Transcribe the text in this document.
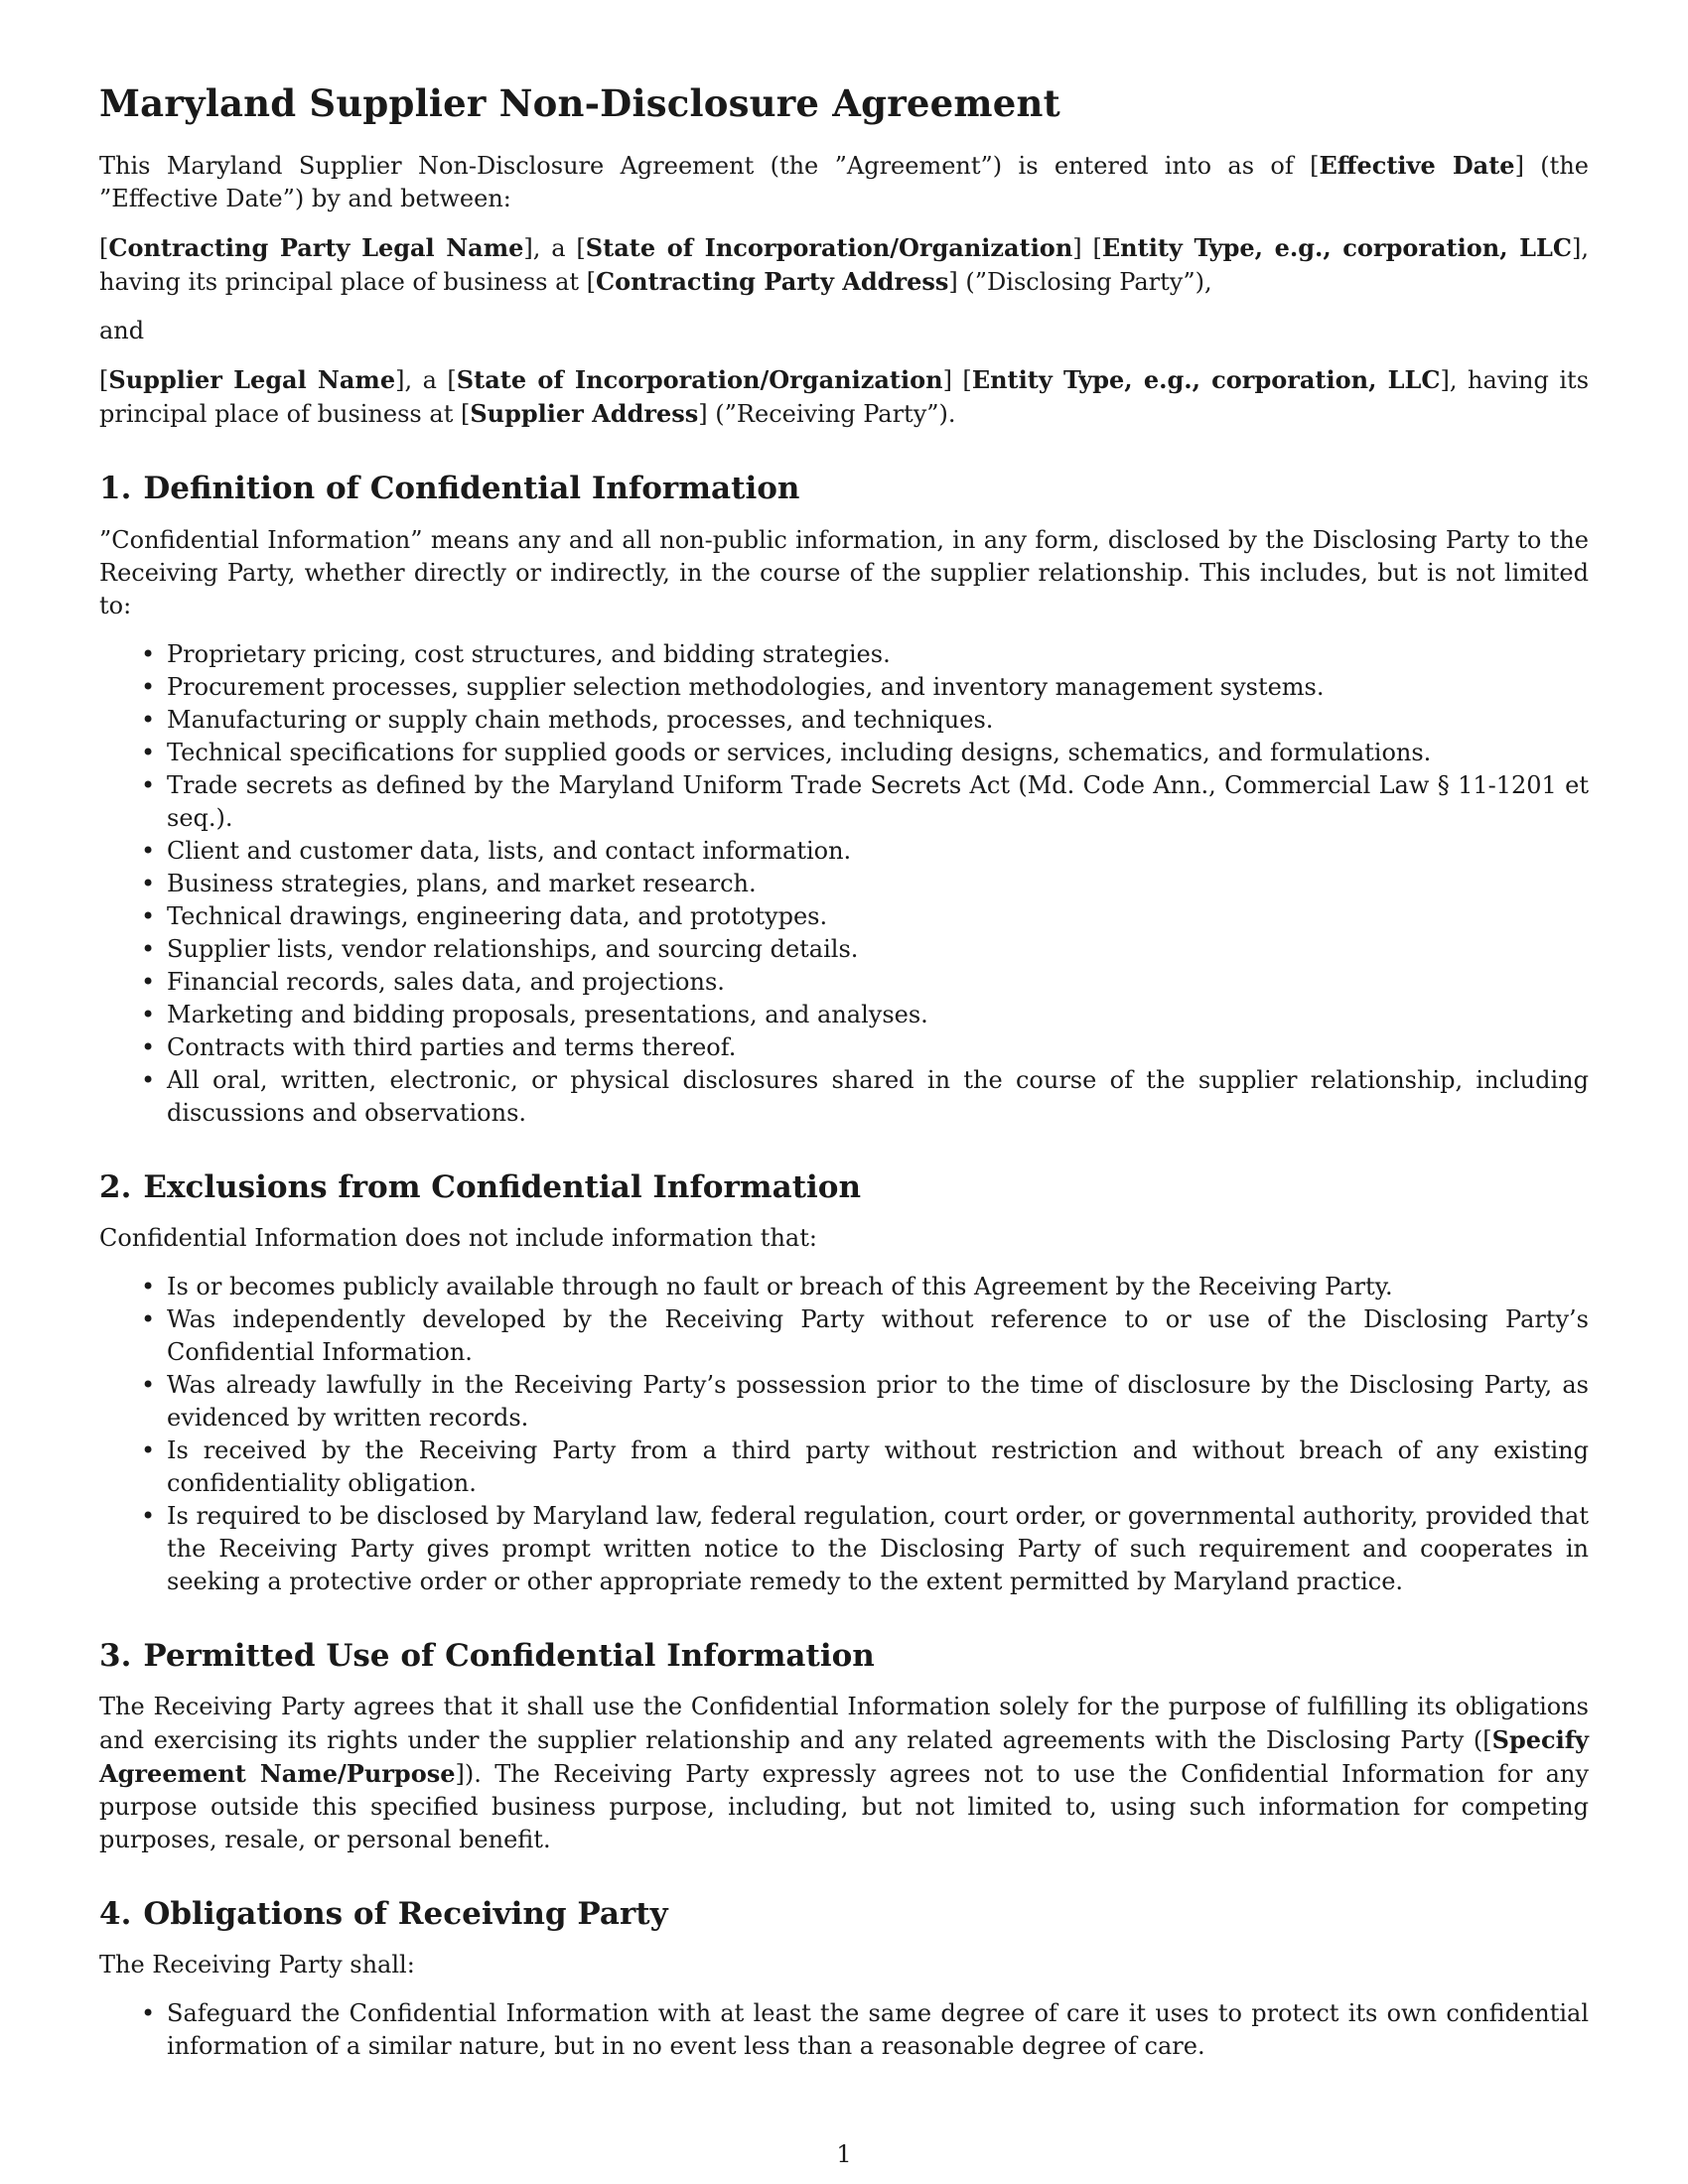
Maryland Supplier Non-Disclosure Agreement

This Maryland Supplier Non-Disclosure Agreement (the ”Agreement”) is entered into as of [Effective Date] (the ”Effective Date”) by and between:

[Contracting Party Legal Name], a [State of Incorporation/Organization] [Entity Type, e.g., corporation, LLC], having its principal place of business at [Contracting Party Address] (”Disclosing Party”),

and

[Supplier Legal Name], a [State of Incorporation/Organization] [Entity Type, e.g., corporation, LLC], having its principal place of business at [Supplier Address] (”Receiving Party”).

1. Definition of Confidential Information

”Confidential Information” means any and all non-public information, in any form, disclosed by the Disclosing Party to the Receiving Party, whether directly or indirectly, in the course of the supplier relationship. This includes, but is not limited to:

• Proprietary pricing, cost structures, and bidding strategies.
• Procurement processes, supplier selection methodologies, and inventory management systems.
• Manufacturing or supply chain methods, processes, and techniques.
• Technical specifications for supplied goods or services, including designs, schematics, and formulations.
• Trade secrets as defined by the Maryland Uniform Trade Secrets Act (Md. Code Ann., Commercial Law § 11-1201 et seq.).
• Client and customer data, lists, and contact information.
• Business strategies, plans, and market research.
• Technical drawings, engineering data, and prototypes.
• Supplier lists, vendor relationships, and sourcing details.
• Financial records, sales data, and projections.
• Marketing and bidding proposals, presentations, and analyses.
• Contracts with third parties and terms thereof.
• All oral, written, electronic, or physical disclosures shared in the course of the supplier relationship, including discussions and observations.
2. Exclusions from Confidential Information

Confidential Information does not include information that:

• Is or becomes publicly available through no fault or breach of this Agreement by the Receiving Party.
• Was independently developed by the Receiving Party without reference to or use of the Disclosing Party’s Confidential Information.
• Was already lawfully in the Receiving Party’s possession prior to the time of disclosure by the Disclosing Party, as evidenced by written records.
• Is received by the Receiving Party from a third party without restriction and without breach of any existing confidentiality obligation.
• Is required to be disclosed by Maryland law, federal regulation, court order, or governmental authority, provided that the Receiving Party gives prompt written notice to the Disclosing Party of such requirement and cooperates in seeking a protective order or other appropriate remedy to the extent permitted by Maryland practice.
3. Permitted Use of Confidential Information

The Receiving Party agrees that it shall use the Confidential Information solely for the purpose of fulfilling its obligations and exercising its rights under the supplier relationship and any related agreements with the Disclosing Party ([Specify Agreement Name/Purpose]). The Receiving Party expressly agrees not to use the Confidential Information for any purpose outside this specified business purpose, including, but not limited to, using such information for competing purposes, resale, or personal benefit.

4. Obligations of Receiving Party

The Receiving Party shall:

• Safeguard the Confidential Information with at least the same degree of care it uses to protect its own confidential information of a similar nature, but in no event less than a reasonable degree of care.
1
